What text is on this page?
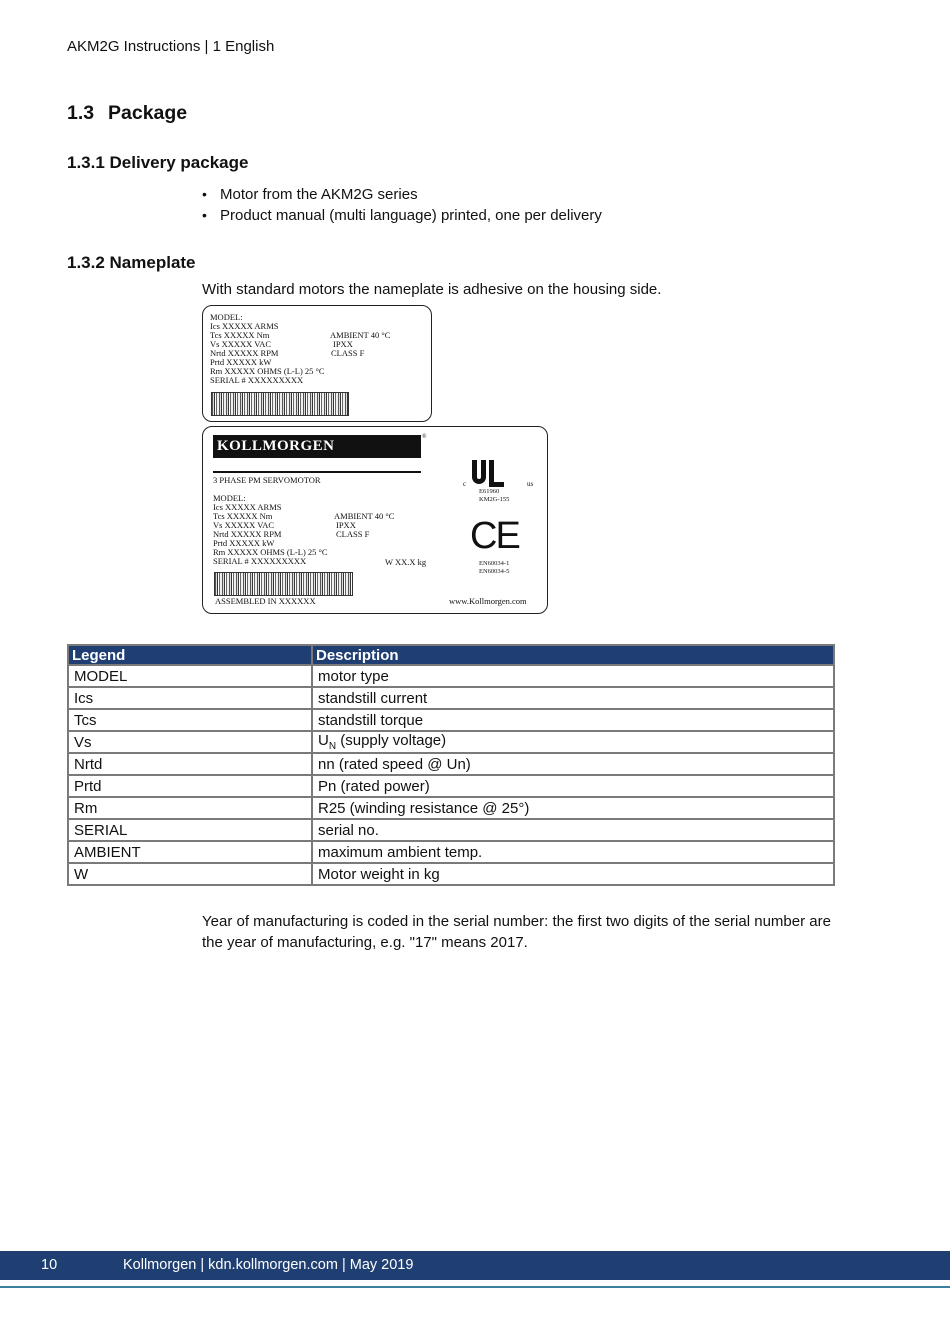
AKM2G Instructions | 1 English
1.3 Package
1.3.1 Delivery package
• Motor from the AKM2G series
• Product manual (multi language) printed, one per delivery
1.3.2 Nameplate
With standard motors the nameplate is adhesive on the housing side.
MODEL:
Ics XXXXX ARMS
Tcs XXXXX Nm
Vs XXXXX VAC
Nrtd XXXXX RPM
Prtd XXXXX kW
Rm XXXXX OHMS (L-L) 25 °C
SERIAL # XXXXXXXXX
AMBIENT 40 °C
IPXX
CLASS F
KOLLMORGEN
®
3 PHASE PM SERVOMOTOR
MODEL:
Ics XXXXX ARMS
Tcs XXXXX Nm
Vs XXXXX VAC
Nrtd XXXXX RPM
Prtd XXXXX kW
Rm XXXXX OHMS (L-L) 25 °C
SERIAL # XXXXXXXXX
AMBIENT 40 °C
IPXX
CLASS F
W XX.X kg
c	us
E61960
KM2G-155
CE
EN60034-1
EN60034-5
ASSEMBLED IN XXXXXX	www.Kollmorgen.com
Legend	Description
MODEL	motor type
Ics	standstill current
Tcs	standstill torque
Vs	$U_N$ (supply voltage)
Nrtd	nn (rated speed @ Un)
Prtd	Pn (rated power)
Rm	R25 (winding resistance @ 25°)
SERIAL	serial no.
AMBIENT	maximum ambient temp.
W	Motor weight in kg
Year of manufacturing is coded in the serial number: the first two digits of the serial number are the year of manufacturing, e.g. "17" means 2017.
10	Kollmorgen | kdn.kollmorgen.com | May 2019
